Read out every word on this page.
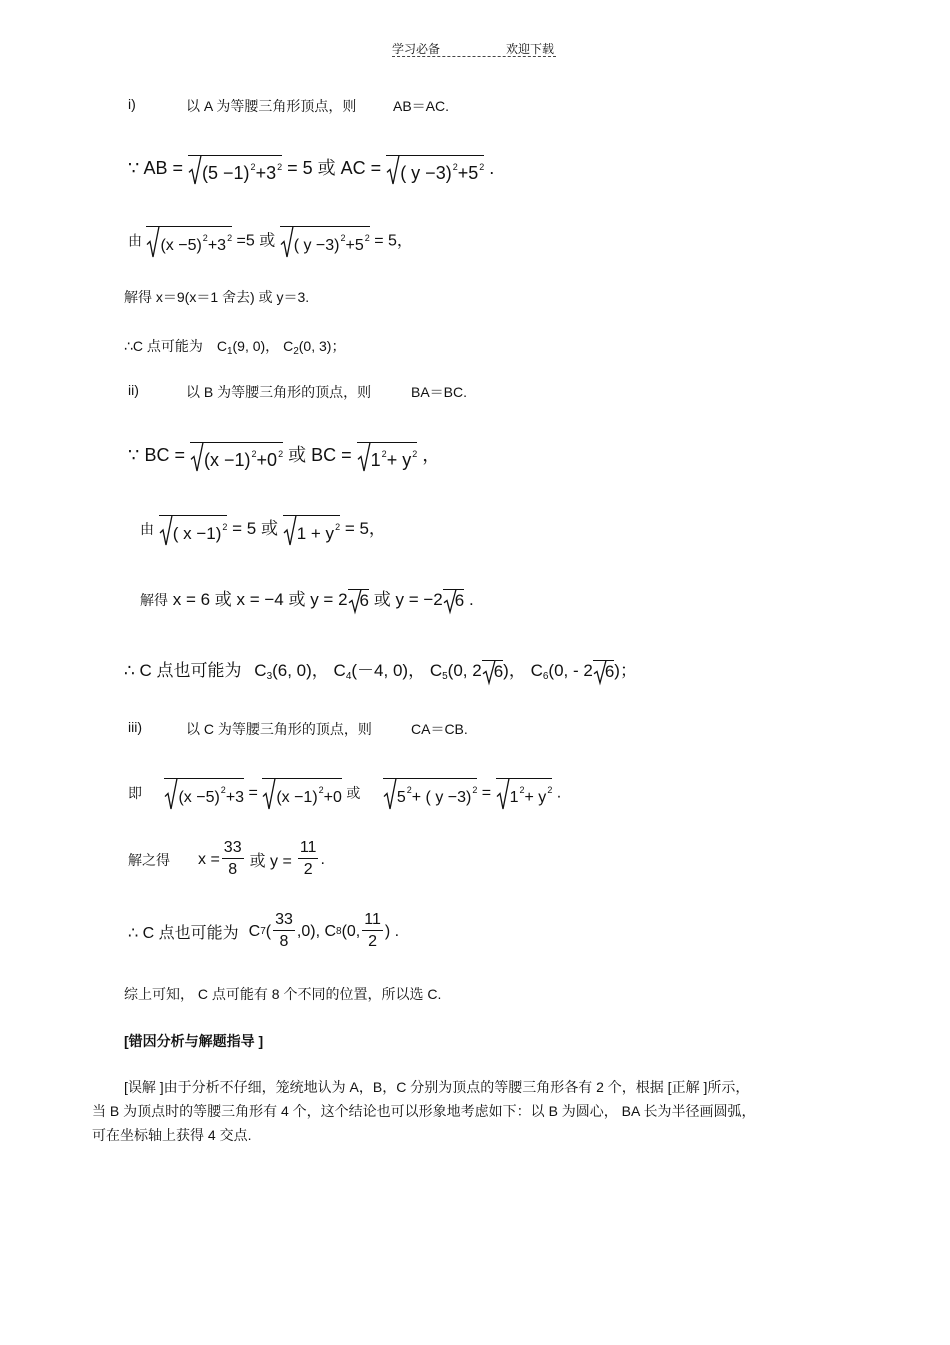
学习必备	欢迎下载
i)	以 A 为等腰三角形顶点，则	AB＝AC.
∵ AB = $(5 -1)^2+3^2 = 5$ 或 AC = ( $y -3)^2+5^2$ .
由 $(x -5)^2+3^2 =5$ 或 ( $y -3)^2+5^2 = 5$，
解得 x＝9(x＝1 舍去) 或 y＝3.
∴C 点可能为 $C_1(9$, 0)， $C_2(0$, 3)；
ii)	以 B 为等腰三角形的顶点，则	BA＝BC.
∵ BC = $(x -1)^2+0^2$ 或 BC = $1^2+ y^2$ ，
由 ( x −1)$^2$ = 5 或 $1 + y^2 = 5$，
解得 x = 6 或 x = −4 或 y = 2 6 或 y = −2 6 .
∴ C 点也可能为 $C_3(6$, 0)， $C_4(-4$, 0)， $C_5(0$, 2 6)， $C_6(0$, - 2 6)；
iii)	以 C 为等腰三角形的顶点，则	CA＝CB.
即 $(x -5)^2+3 = (x -1)^2+0$ 或 $5^2+$ ( $y -3)^2 = 1^2+ y^2$ .
解之得 $x = \frac{33}{8}$ 或 $y = \frac{11}{2}$ .
∴ C 点也可能为 C 7 ( $\frac{33}{8} ,0$), C 8 (0, $\frac{11}{2}$ ) .
综上可知， C 点可能有 8 个不同的位置，所以选 C.
[错因分析与解题指导 ]
[误解 ]由于分析不仔细，笼统地认为 A，B，C 分别为顶点的等腰三角形各有 2 个，根据 [正解 ]所示，
当 B 为顶点时的等腰三角形有 4 个，这个结论也可以形象地考虑如下：以 B 为圆心， BA 长为半径画圆弧，
可在坐标轴上获得 4 交点.
